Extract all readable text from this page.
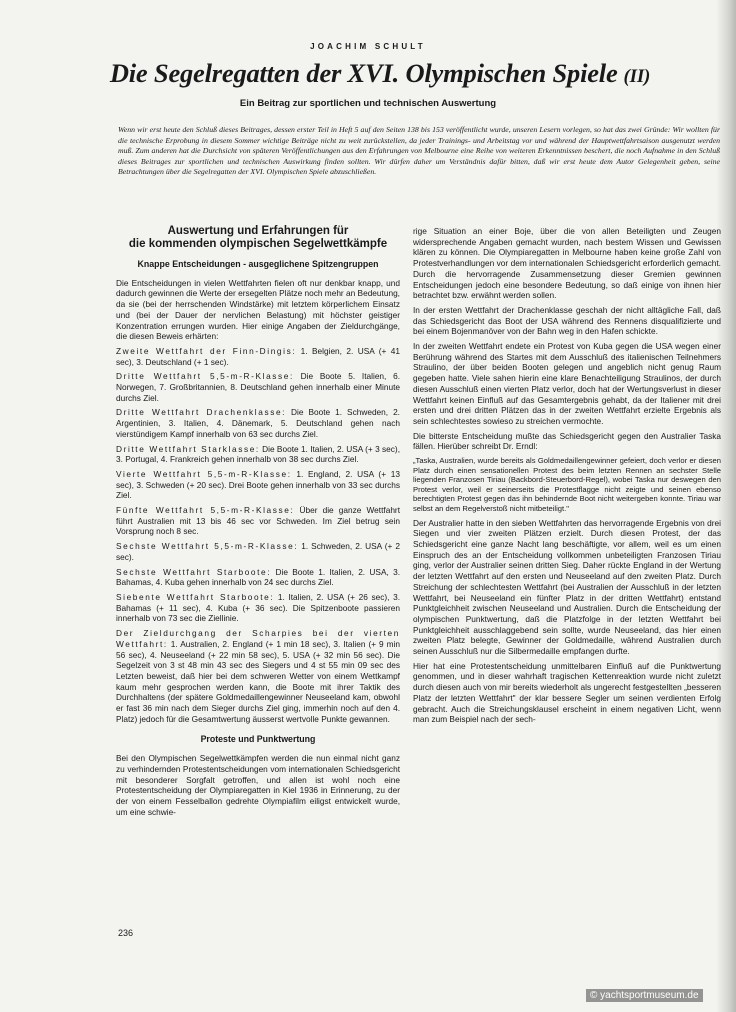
JOACHIM SCHULT
Die Segelregatten der XVI. Olympischen Spiele (II)
Ein Beitrag zur sportlichen und technischen Auswertung
Wenn wir erst heute den Schluß dieses Beitrages, dessen erster Teil in Heft 5 auf den Seiten 138 bis 153 veröffentlicht wurde, unseren Lesern vorlegen, so hat das zwei Gründe: Wir wollten für die technische Erprobung in diesem Sommer wichtige Beiträge nicht zu weit zurückstellen, da jeder Trainings- und Arbeitstag vor und während der Hauptwettfahrtsaison ausgenutzt werden muß. Zum anderen hat die Durchsicht von späteren Veröffentlichungen aus den Erfahrungen von Melbourne eine Reihe von weiteren Erkenntnissen beschert, die noch Aufnahme in den Schluß dieses Beitrages zur sportlichen und technischen Auswirkung finden sollten. Wir dürfen daher um Verständnis dafür bitten, daß wir erst heute dem Autor Gelegenheit geben, seine Betrachtungen über die Segelregatten der XVI. Olympischen Spiele abzuschließen.
Auswertung und Erfahrungen für
die kommenden olympischen Segelwettkämpfe
Knappe Entscheidungen - ausgeglichene Spitzengruppen

Die Entscheidungen in vielen Wettfahrten fielen oft nur denkbar knapp, und dadurch gewinnen die Werte der ersegelten Plätze noch mehr an Bedeutung, da sie (bei der herrschenden Windstärke) mit letztem körperlichem Einsatz und (bei der Dauer der nervlichen Belastung) mit höchster geistiger Konzentration errungen wurden. Hier einige Angaben der Zieldurchgänge, die diesen Beweis erhärten:

Zweite Wettfahrt der Finn-Dingis: 1. Belgien, 2. USA (+ 41 sec), 3. Deutschland (+ 1 sec).

Dritte Wettfahrt 5,5-m-R-Klasse: Die Boote 5. Italien, 6. Norwegen, 7. Großbritannien, 8. Deutschland gehen innerhalb einer Minute durchs Ziel.

Dritte Wettfahrt Drachenklasse: Die Boote 1. Schweden, 2. Argentinien, 3. Italien, 4. Dänemark, 5. Deutschland gehen nach vierstündigem Kampf innerhalb von 63 sec durchs Ziel.

Dritte Wettfahrt Starklasse: Die Boote 1. Italien, 2. USA (+ 3 sec), 3. Portugal, 4. Frankreich gehen innerhalb von 38 sec durchs Ziel.

Vierte Wettfahrt 5,5-m-R-Klasse: 1. England, 2. USA (+ 13 sec), 3. Schweden (+ 20 sec). Drei Boote gehen innerhalb von 33 sec durchs Ziel.

Fünfte Wettfahrt 5,5-m-R-Klasse: Über die ganze Wettfahrt führt Australien mit 13 bis 46 sec vor Schweden. Im Ziel betrug sein Vorsprung noch 8 sec.

Sechste Wettfahrt 5,5-m-R-Klasse: 1. Schweden, 2. USA (+ 2 sec).

Sechste Wettfahrt Starboote: Die Boote 1. Italien, 2. USA, 3. Bahamas, 4. Kuba gehen innerhalb von 24 sec durchs Ziel.

Siebente Wettfahrt Starboote: 1. Italien, 2. USA (+ 26 sec), 3. Bahamas (+ 11 sec), 4. Kuba (+ 36 sec). Die Spitzenboote passieren innerhalb von 73 sec die Ziellinie.

Der Zieldurchgang der Scharpies bei der vierten Wettfahrt: 1. Australien, 2. England (+ 1 min 18 sec), 3. Italien (+ 9 min 56 sec), 4. Neuseeland (+ 22 min 58 sec), 5. USA (+ 32 min 56 sec). Die Segelzeit von 3 st 48 min 43 sec des Siegers und 4 st 55 min 09 sec des Letzten beweist, daß hier bei dem schweren Wetter von einem Wettkampf kaum mehr gesprochen werden kann, die Boote mit ihrer Taktik des Durchhaltens (der spätere Goldmedaillengewinner Neuseeland kam, obwohl er fast 36 min nach dem Sieger durchs Ziel ging, immerhin noch auf den 4. Platz) jedoch für die Gesamtwertung äusserst wertvolle Punkte gewannen.

Proteste und Punktwertung

Bei den Olympischen Segelwettkämpfen werden die nun einmal nicht ganz zu verhindernden Protestentscheidungen vom internationalen Schiedsgericht mit besonderer Sorgfalt getroffen, und allen ist wohl noch eine Protestentscheidung der Olympiaregatten in Kiel 1936 in Erinnerung, zu der der von einem Fesselballon gedrehte Olympiafilm eiligst entwickelt wurde, um eine schwie-

rige Situation an einer Boje, über die von allen Beteiligten und Zeugen widersprechende Angaben gemacht wurden, nach bestem Wissen und Gewissen klären zu können. Die Olympiaregatten in Melbourne haben keine große Zahl von Protestverhandlungen vor dem internationalen Schiedsgericht erforderlich gemacht. Durch die hervorragende Zusammensetzung dieser Gremien gewinnen Entscheidungen jedoch eine besondere Bedeutung, so daß einige von ihnen hier betrachtet bzw. erwähnt werden sollen.

In der ersten Wettfahrt der Drachenklasse geschah der nicht alltägliche Fall, daß das Schiedsgericht das Boot der USA während des Rennens disqualifizierte und bei einem Bojenmanöver von der Bahn weg in den Hafen schickte.

In der zweiten Wettfahrt endete ein Protest von Kuba gegen die USA wegen einer Berührung während des Startes mit dem Ausschluß des italienischen Teilnehmers Straulino, der über beiden Booten gelegen und angeblich nicht genug Raum gegeben hatte. Viele sahen hierin eine klare Benachteiligung Straulinos, der durch diesen Ausschluß einen vierten Platz verlor, doch hat der Wertungsverlust in dieser Wettfahrt keinen Einfluß auf das Gesamtergebnis gehabt, da der Italiener mit drei ersten und drei dritten Plätzen das in der zweiten Wettfahrt erzielte Ergebnis als sein schlechtestes sowieso zu streichen vermochte.

Die bitterste Entscheidung mußte das Schiedsgericht gegen den Australier Taska fällen. Hierüber schreibt Dr. Erndl:

„Taska, Australien, wurde bereits als Goldmedaillengewinner gefeiert, doch verlor er diesen Platz durch einen sensationellen Protest des beim letzten Rennen an sechster Stelle liegenden Franzosen Tiriau (Backbord-Steuerbord-Regel), wobei Taska nur deswegen den Protest verlor, weil er seinerseits die Protestflagge nicht zeigte und seinen ebenso berechtigten Protest gegen das ihn behindernde Boot nicht weitergeben konnte. Tiriau war selbst an dem Regelverstoß nicht mitbeteiligt."

Der Australier hatte in den sieben Wettfahrten das hervorragende Ergebnis von drei Siegen und vier zweiten Plätzen erzielt. Durch diesen Protest, der das Schiedsgericht eine ganze Nacht lang beschäftigte, vor allem, weil es um einen Einspruch des an der Entscheidung vollkommen unbeteiligten Franzosen Tiriau ging, verlor der Australier seinen dritten Sieg. Daher rückte England in der Wertung der letzten Wettfahrt auf den ersten und Neuseeland auf den zweiten Platz. Durch Streichung der schlechtesten Wettfahrt (bei Australien der Ausschluß in der letzten Wettfahrt, bei Neuseeland ein fünfter Platz in der dritten Wettfahrt) entstand Punktgleichheit zwischen Neuseeland und Australien. Durch die Entscheidung der olympischen Punktwertung, daß die Platzfolge in der letzten Wettfahrt bei Punktgleichheit ausschlaggebend sein sollte, wurde Neuseeland, das hier einen zweiten Platz belegte, Gewinner der Goldmedaille, während Australien durch seinen Ausschluß nur die Silbermedaille empfangen durfte.

Hier hat eine Protestentscheidung unmittelbaren Einfluß auf die Punktwertung genommen, und in dieser wahrhaft tragischen Kettenreaktion wurde nicht zuletzt durch diesen auch von mir bereits wiederholt als ungerecht festgestellten „besseren Platz der letzten Wettfahrt" der klar bessere Segler um seinen verdienten Erfolg gebracht. Auch die Streichungsklausel erscheint in einem negativen Licht, wenn man zum Beispiel nach der sech-

236
© yachtsportmuseum.de
